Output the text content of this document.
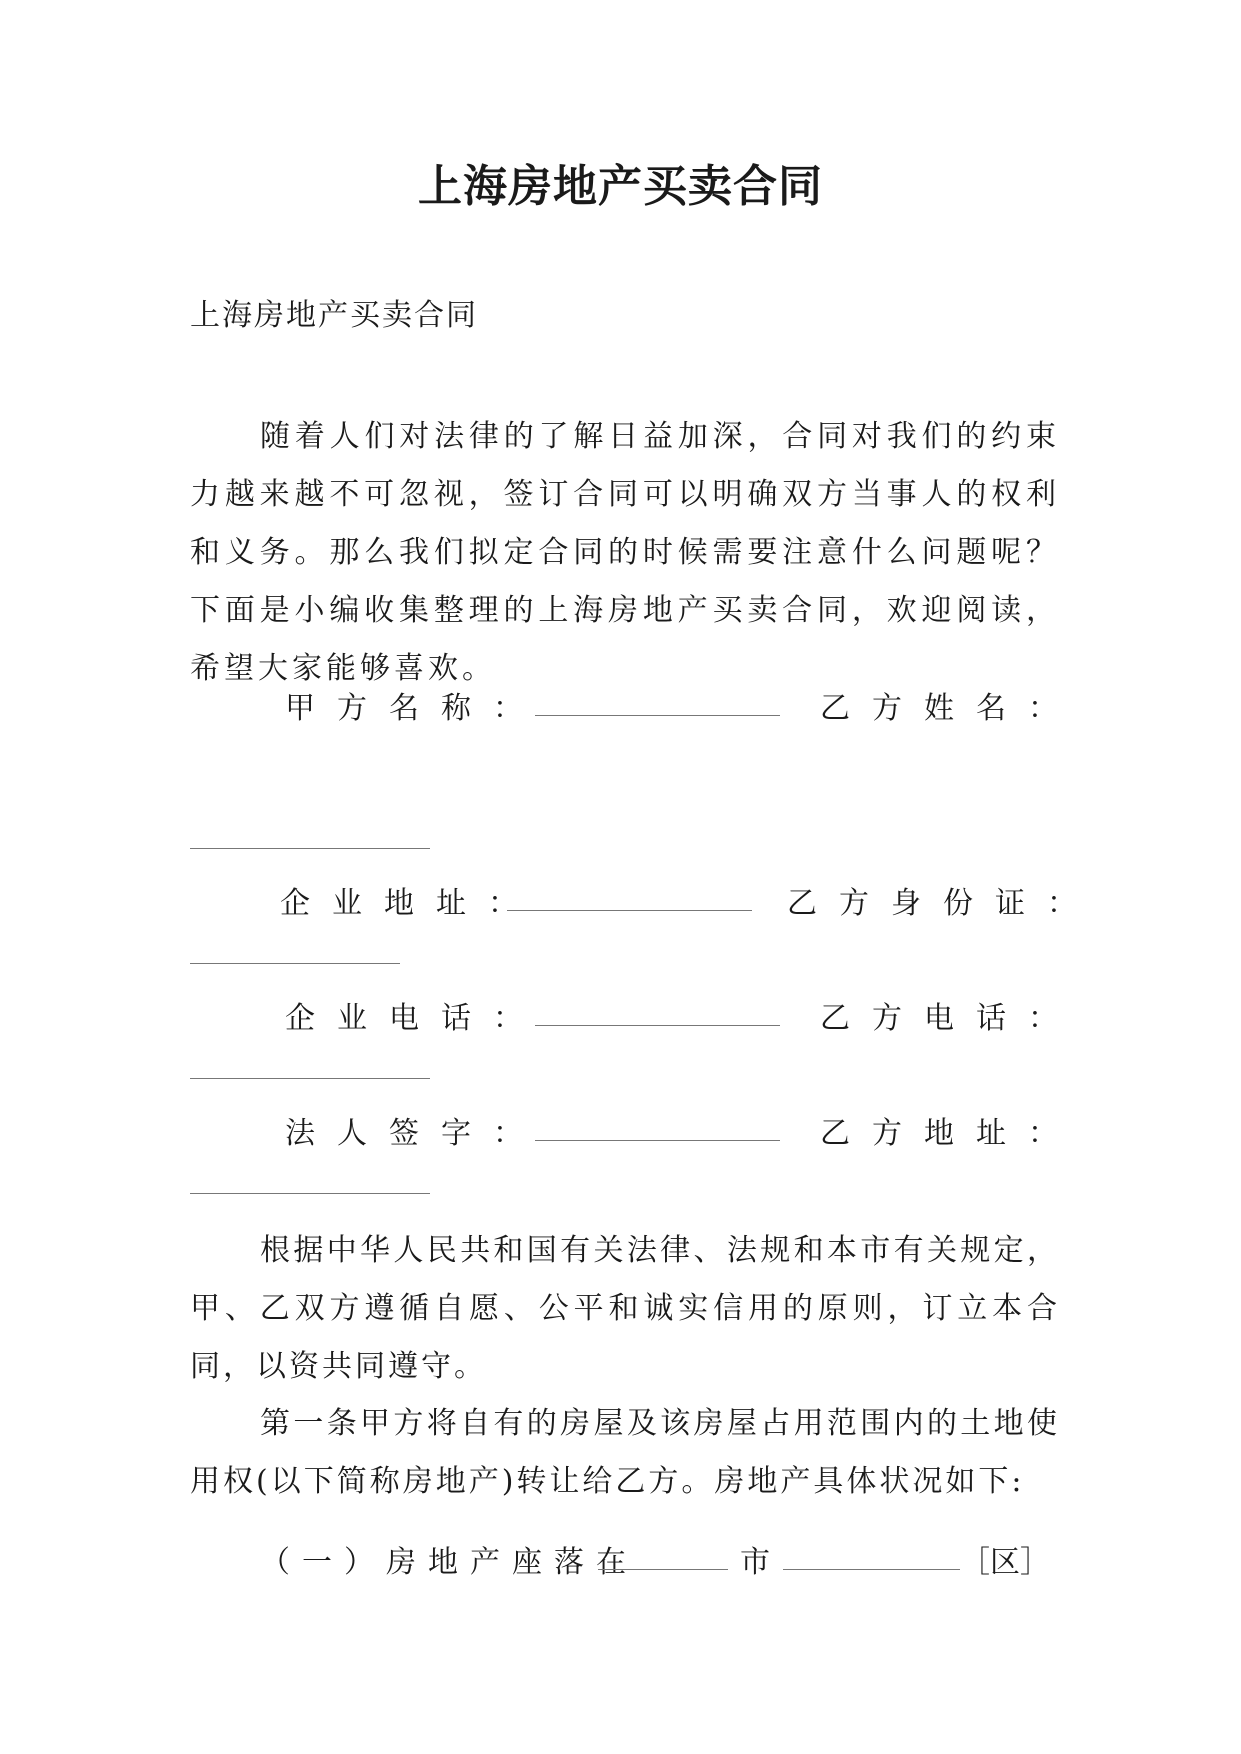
上海房地产买卖合同
上海房地产买卖合同

随着人们对法律的了解日益加深，合同对我们的约束力越来越不可忽视，签订合同可以明确双方当事人的权利和义务。那么我们拟定合同的时候需要注意什么问题呢？下面是小编收集整理的上海房地产买卖合同，欢迎阅读，希望大家能够喜欢。

甲方名称：	乙方姓名：
企业地址：	乙方身份证：
企业电话：	乙方电话：
法人签字：	乙方地址：

根据中华人民共和国有关法律、法规和本市有关规定，甲、乙双方遵循自愿、公平和诚实信用的原则，订立本合同，以资共同遵守。

第一条甲方将自有的房屋及该房屋占用范围内的土地使用权(以下简称房地产)转让给乙方。房地产具体状况如下:

（一）房地产座落在	市	［区］
